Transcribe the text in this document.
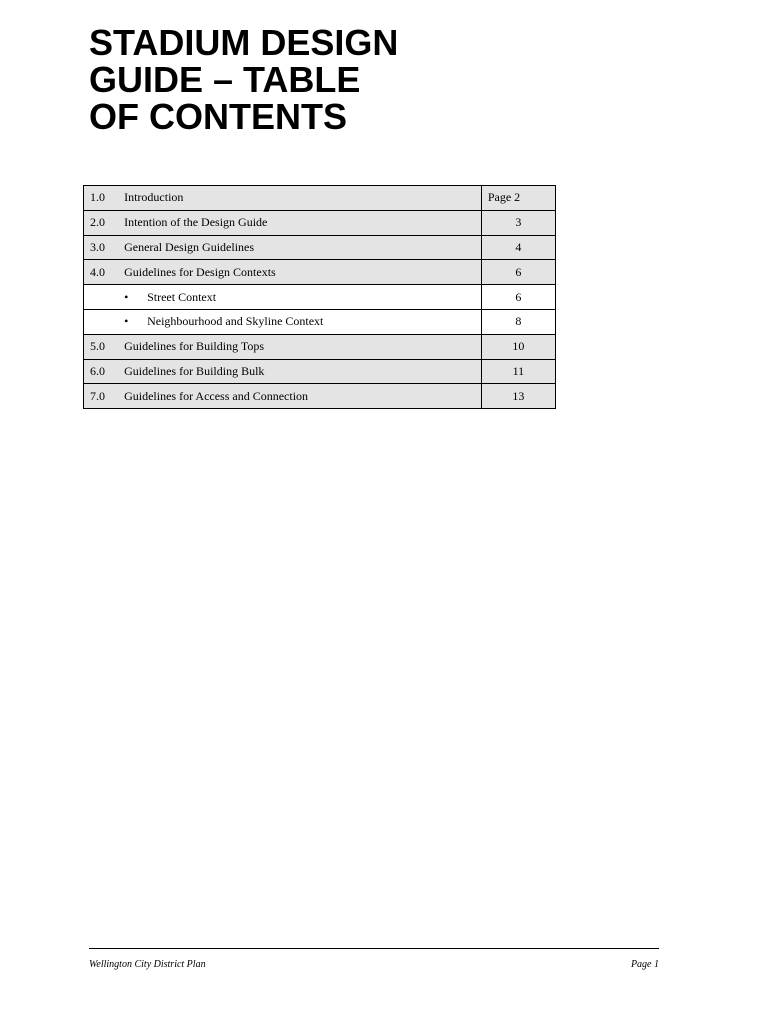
STADIUM DESIGN
GUIDE – TABLE
OF CONTENTS
1.0	Introduction	Page 2
2.0	Intention of the Design Guide	3
3.0	General Design Guidelines	4
4.0	Guidelines for Design Contexts	6
	• Street Context	6
	• Neighbourhood and Skyline Context	8
5.0	Guidelines for Building Tops	10
6.0	Guidelines for Building Bulk	11
7.0	Guidelines for Access and Connection	13
Wellington City District Plan	Page 1
